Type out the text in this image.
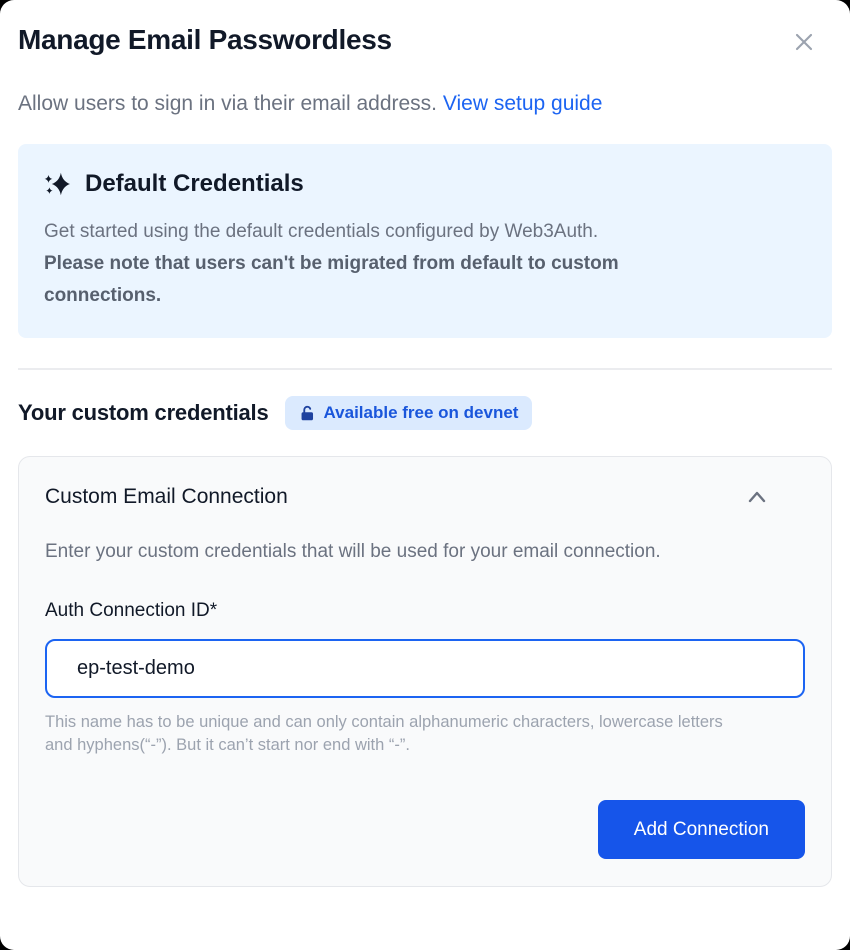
Manage Email Passwordless

Allow users to sign in via their email address. View setup guide

Default Credentials

Get started using the default credentials configured by Web3Auth.

Please note that users can't be migrated from default to custom connections.

Your custom credentials	Available free on devnet
Custom Email Connection

Enter your custom credentials that will be used for your email connection.

Auth Connection ID*
ep-test-demo

This name has to be unique and can only contain alphanumeric characters, lowercase letters and hyphens(“-”). But it can’t start nor end with “-”.

Add Connection
